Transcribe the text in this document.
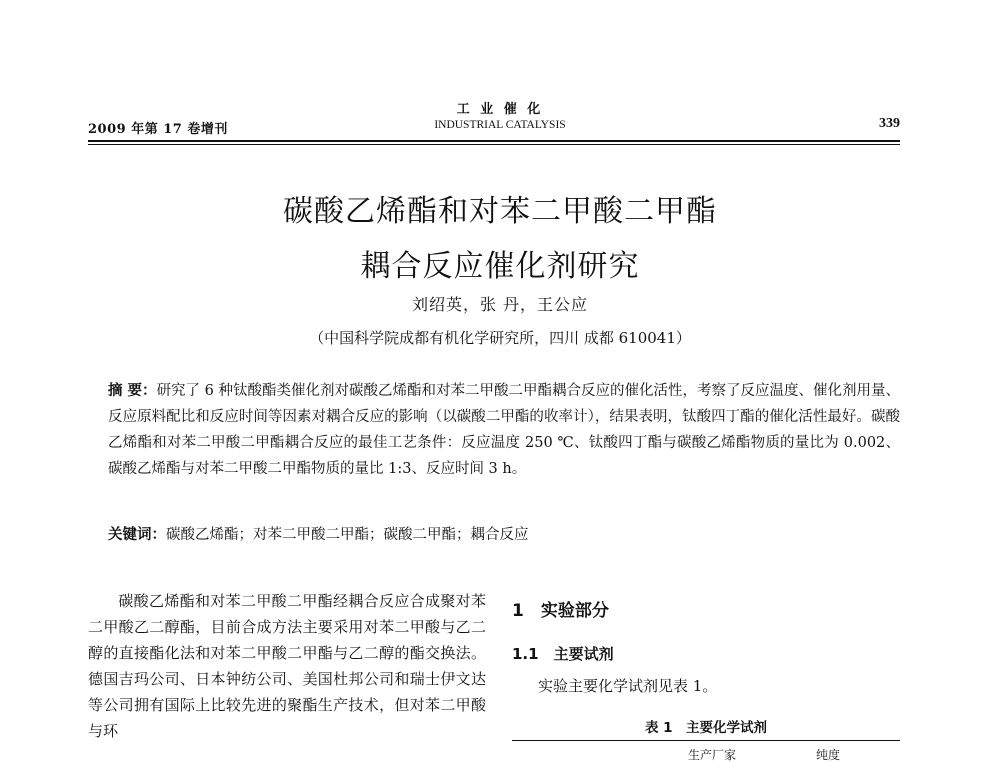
2009 年第 17 卷增刊
工 业 催 化
INDUSTRIAL CATALYSIS	339
碳酸乙烯酯和对苯二甲酸二甲酯
耦合反应催化剂研究
刘绍英，张 丹，王公应
（中国科学院成都有机化学研究所，四川 成都 610041）
摘 要：研究了 6 种钛酸酯类催化剂对碳酸乙烯酯和对苯二甲酸二甲酯耦合反应的催化活性，考察了反应温度、催化剂用量、反应原料配比和反应时间等因素对耦合反应的影响（以碳酸二甲酯的收率计），结果表明，钛酸四丁酯的催化活性最好。碳酸乙烯酯和对苯二甲酸二甲酯耦合反应的最佳工艺条件：反应温度 250 ℃、钛酸四丁酯与碳酸乙烯酯物质的量比为 0.002、碳酸乙烯酯与对苯二甲酸二甲酯物质的量比 1:3、反应时间 3 h。
关键词：碳酸乙烯酯；对苯二甲酸二甲酯；碳酸二甲酯；耦合反应
碳酸乙烯酯和对苯二甲酸二甲酯经耦合反应合成聚对苯二甲酸乙二醇酯，目前合成方法主要采用对苯二甲酸与乙二醇的直接酯化法和对苯二甲酸二甲酯与乙二醇的酯交换法。德国吉玛公司、日本钟纺公司、美国杜邦公司和瑞士伊文达等公司拥有国际上比较先进的聚酯生产技术，但对苯二甲酸与环
1　实验部分
1.1　主要试剂
实验主要化学试剂见表 1。
表 1　主要化学试剂
生产厂家	纯度
